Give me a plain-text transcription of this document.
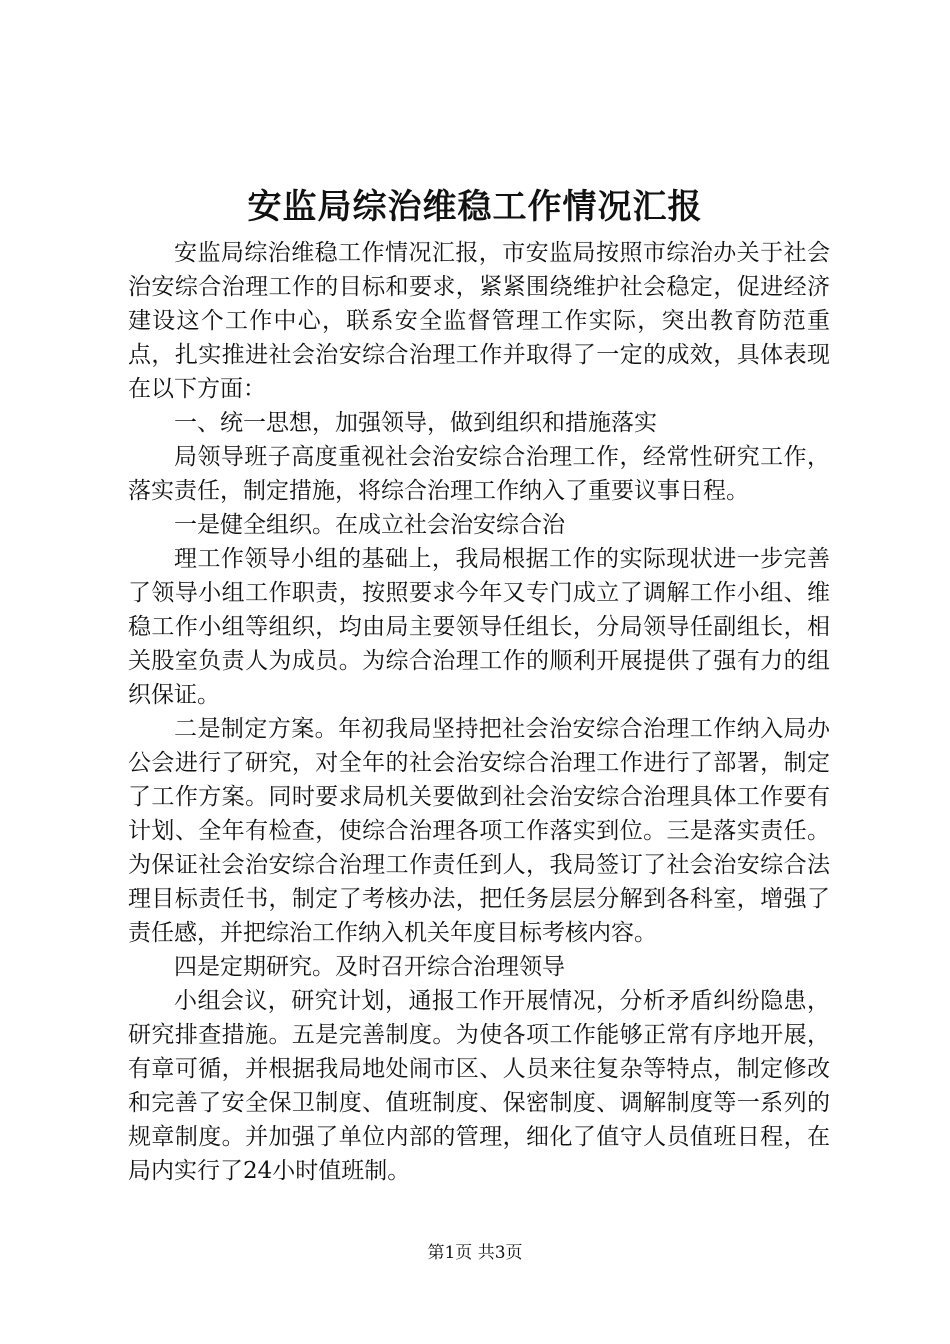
安监局综治维稳工作情况汇报

安监局综治维稳工作情况汇报，市安监局按照市综治办关于社会治安综合治理工作的目标和要求，紧紧围绕维护社会稳定，促进经济建设这个工作中心，联系安全监督管理工作实际，突出教育防范重点，扎实推进社会治安综合治理工作并取得了一定的成效，具体表现在以下方面：

一、统一思想，加强领导，做到组织和措施落实

局领导班子高度重视社会治安综合治理工作，经常性研究工作，落实责任，制定措施，将综合治理工作纳入了重要议事日程。

一是健全组织。在成立社会治安综合治

理工作领导小组的基础上，我局根据工作的实际现状进一步完善了领导小组工作职责，按照要求今年又专门成立了调解工作小组、维稳工作小组等组织，均由局主要领导任组长，分局领导任副组长，相关股室负责人为成员。为综合治理工作的顺利开展提供了强有力的组织保证。

二是制定方案。年初我局坚持把社会治安综合治理工作纳入局办公会进行了研究，对全年的社会治安综合治理工作进行了部署，制定了工作方案。同时要求局机关要做到社会治安综合治理具体工作要有计划、全年有检查，使综合治理各项工作落实到位。三是落实责任。为保证社会治安综合治理工作责任到人，我局签订了社会治安综合法理目标责任书，制定了考核办法，把任务层层分解到各科室，增强了责任感，并把综治工作纳入机关年度目标考核内容。

四是定期研究。及时召开综合治理领导

小组会议，研究计划，通报工作开展情况，分析矛盾纠纷隐患，研究排查措施。五是完善制度。为使各项工作能够正常有序地开展，有章可循，并根据我局地处闹市区、人员来往复杂等特点，制定修改和完善了安全保卫制度、值班制度、保密制度、调解制度等一系列的规章制度。并加强了单位内部的管理，细化了值守人员值班日程，在局内实行了24小时值班制。

第1页 共3页
